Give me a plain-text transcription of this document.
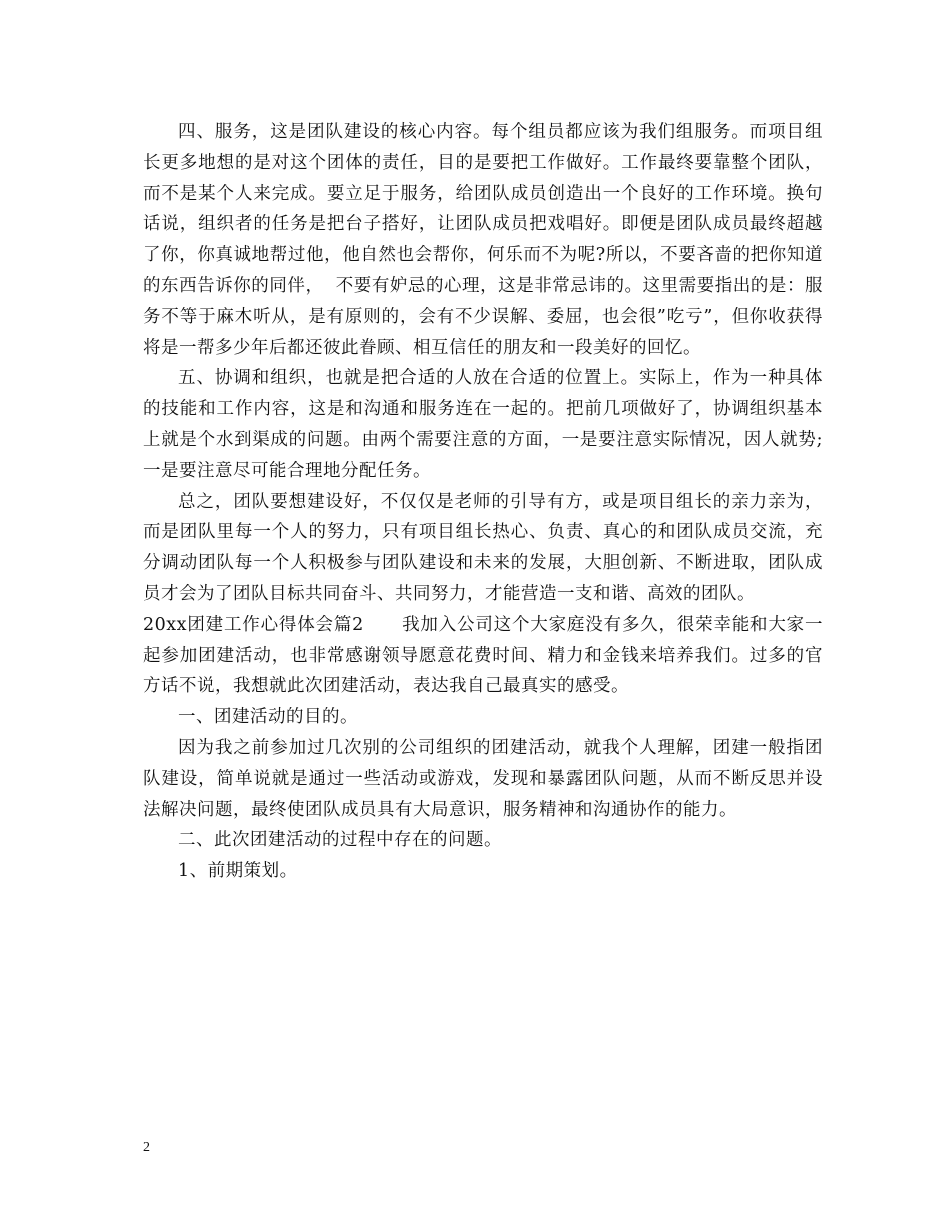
四、服务，这是团队建设的核心内容。每个组员都应该为我们组服务。而项目组长更多地想的是对这个团体的责任，目的是要把工作做好。工作最终要靠整个团队，而不是某个人来完成。要立足于服务，给团队成员创造出一个良好的工作环境。换句话说，组织者的任务是把台子搭好，让团队成员把戏唱好。即便是团队成员最终超越了你，你真诚地帮过他，他自然也会帮你，何乐而不为呢?所以，不要吝啬的把你知道的东西告诉你的同伴，  不要有妒忌的心理，这是非常忌讳的。这里需要指出的是：服务不等于麻木听从，是有原则的，会有不少误解、委屈，也会很”吃亏”，但你收获得将是一帮多少年后都还彼此眷顾、相互信任的朋友和一段美好的回忆。

五、协调和组织，也就是把合适的人放在合适的位置上。实际上，作为一种具体的技能和工作内容，这是和沟通和服务连在一起的。把前几项做好了，协调组织基本上就是个水到渠成的问题。由两个需要注意的方面，一是要注意实际情况，因人就势;一是要注意尽可能合理地分配任务。

总之，团队要想建设好，不仅仅是老师的引导有方，或是项目组长的亲力亲为，而是团队里每一个人的努力，只有项目组长热心、负责、真心的和团队成员交流，充分调动团队每一个人积极参与团队建设和未来的发展，大胆创新、不断进取，团队成员才会为了团队目标共同奋斗、共同努力，才能营造一支和谐、高效的团队。

20xx团建工作心得体会篇2      我加入公司这个大家庭没有多久，很荣幸能和大家一起参加团建活动，也非常感谢领导愿意花费时间、精力和金钱来培养我们。过多的官方话不说，我想就此次团建活动，表达我自己最真实的感受。

一、团建活动的目的。

因为我之前参加过几次别的公司组织的团建活动，就我个人理解，团建一般指团队建设，简单说就是通过一些活动或游戏，发现和暴露团队问题，从而不断反思并设法解决问题，最终使团队成员具有大局意识，服务精神和沟通协作的能力。

二、此次团建活动的过程中存在的问题。

1、前期策划。

2
